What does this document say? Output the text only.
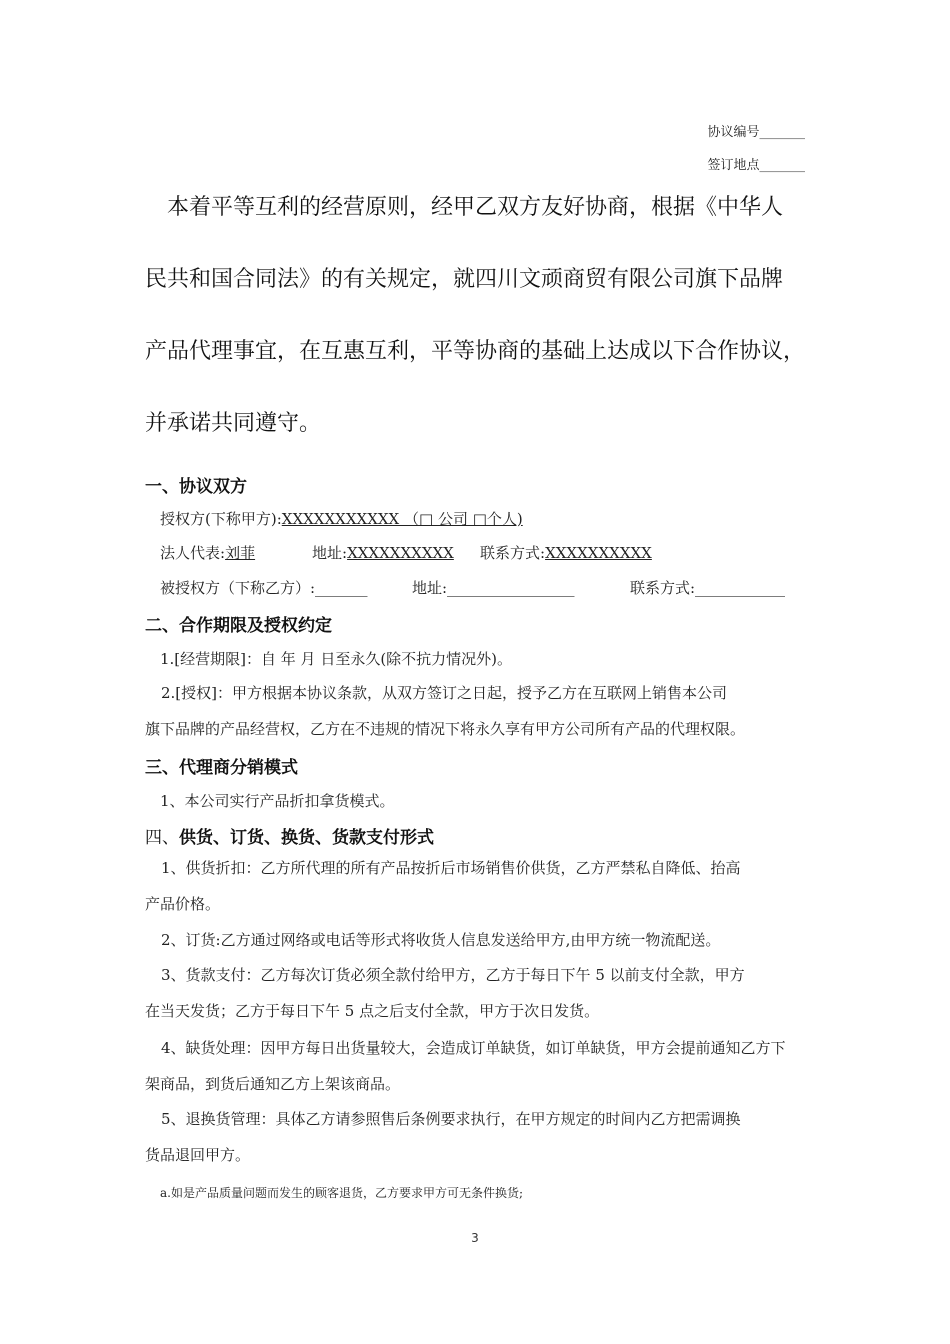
协议编号_______
签订地点_______
本着平等互利的经营原则，经甲乙双方友好协商，根据《中华人
民共和国合同法》的有关规定，就四川文顽商贸有限公司旗下品牌
产品代理事宜，在互惠互利，平等协商的基础上达成以下合作协议，
并承诺共同遵守。
一、协议双方
授权方(下称甲方):XXXXXXXXXXX （□ 公司 □个人)
法人代表:刘菲	地址:XXXXXXXXXX 联系方式:XXXXXXXXXX
被授权方（下称乙方）:_______	地址:_________________	联系方式:____________
二、合作期限及授权约定
1.[经营期限]：自 年 月 日至永久(除不抗力情况外)。
2.[授权]：甲方根据本协议条款，从双方签订之日起，授予乙方在互联网上销售本公司
旗下品牌的产品经营权，乙方在不违规的情况下将永久享有甲方公司所有产品的代理权限。
三、代理商分销模式
1、本公司实行产品折扣拿货模式。
四、供货、订货、换货、货款支付形式
1、供货折扣：乙方所代理的所有产品按折后市场销售价供货，乙方严禁私自降低、抬高
产品价格。
2、订货:乙方通过网络或电话等形式将收货人信息发送给甲方,由甲方统一物流配送。
3、货款支付：乙方每次订货必须全款付给甲方，乙方于每日下午 5 以前支付全款，甲方
在当天发货；乙方于每日下午 5 点之后支付全款，甲方于次日发货。
4、缺货处理：因甲方每日出货量较大，会造成订单缺货，如订单缺货，甲方会提前通知乙方下
架商品，到货后通知乙方上架该商品。
5、退换货管理：具体乙方请参照售后条例要求执行，在甲方规定的时间内乙方把需调换
货品退回甲方。
a.如是产品质量问题而发生的顾客退货，乙方要求甲方可无条件换货;
3
